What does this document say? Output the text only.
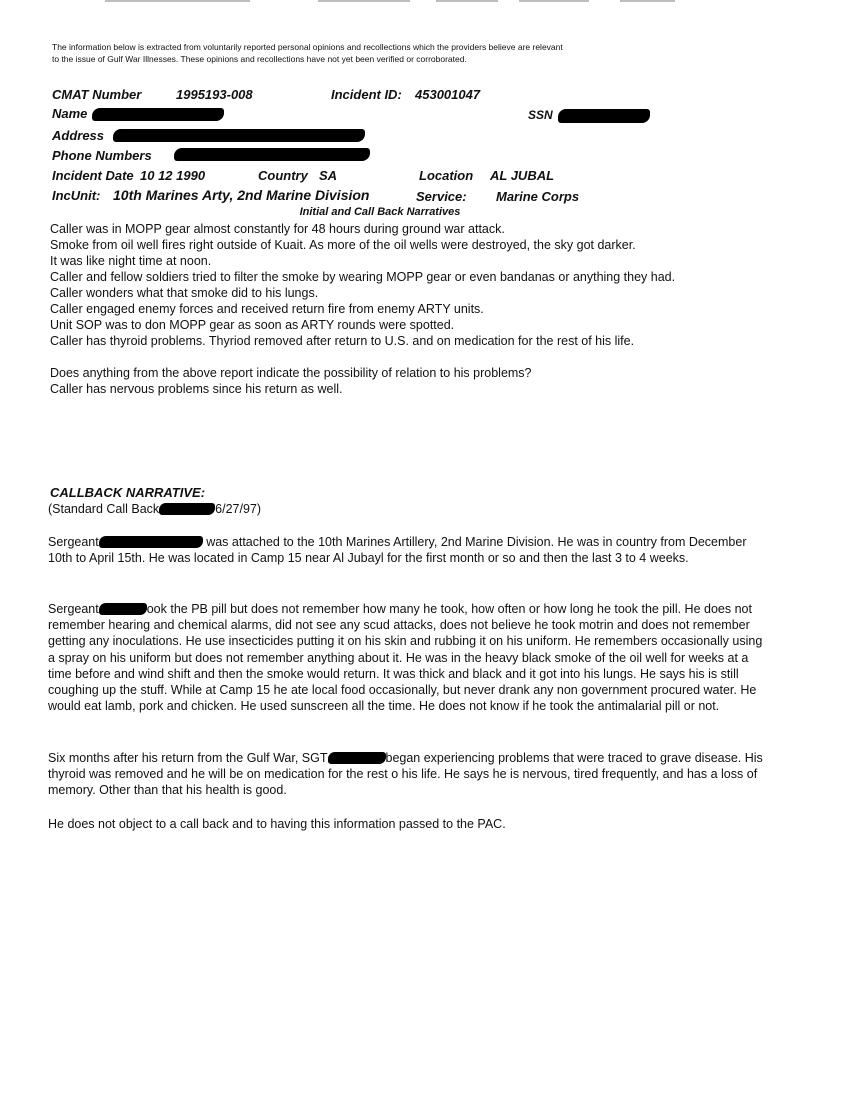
The information below is extracted from voluntarily reported personal opinions and recollections which the providers believe are relevant to the issue of Gulf War Illnesses. These opinions and recollections have not yet been verified or corroborated.
CMAT Number	1995193-008	Incident ID: 453001047
Name	SSN
Address
Phone Numbers
Incident Date 10 12 1990	Country SA	Location AL JUBAL
IncUnit: 10th Marines Arty, 2nd Marine Division	Service: Marine Corps
Initial and Call Back Narratives

Caller was in MOPP gear almost constantly for 48 hours during ground war attack.

Smoke from oil well fires right outside of Kuait. As more of the oil wells were destroyed, the sky got darker.

It was like night time at noon.

Caller and fellow soldiers tried to filter the smoke by wearing MOPP gear or even bandanas or anything they had.

Caller wonders what that smoke did to his lungs.

Caller engaged enemy forces and received return fire from enemy ARTY units.

Unit SOP was to don MOPP gear as soon as ARTY rounds were spotted.

Caller has thyroid problems. Thyriod removed after return to U.S. and on medication for the rest of his life.

Does anything from the above report indicate the possibility of relation to his problems?

Caller has nervous problems since his return as well.

CALLBACK NARRATIVE:
(Standard Call Back	6/27/97)
Sergeant	was attached to the 10th Marines Artillery, 2nd Marine Division. He was in country from December 10th to April 15th. He was located in Camp 15 near Al Jubayl for the first month or so and then the last 3 to 4 weeks.
Sergeant	ook the PB pill but does not remember how many he took, how often or how long he took the pill. He does not remember hearing and chemical alarms, did not see any scud attacks, does not believe he took motrin and does not remember getting any inoculations. He use insecticides putting it on his skin and rubbing it on his uniform. He remembers occasionally using a spray on his uniform but does not remember anything about it. He was in the heavy black smoke of the oil well for weeks at a time before and wind shift and then the smoke would return. It was thick and black and it got into his lungs. He says his is still coughing up the stuff. While at Camp 15 he ate local food occasionally, but never drank any non government procured water. He would eat lamb, pork and chicken. He used sunscreen all the time. He does not know if he took the antimalarial pill or not.
Six months after his return from the Gulf War, SGT	began experiencing problems that were traced to grave disease. His thyroid was removed and he will be on medication for the rest o his life. He says he is nervous, tired frequently, and has a loss of memory. Other than that his health is good.
He does not object to a call back and to having this information passed to the PAC.
